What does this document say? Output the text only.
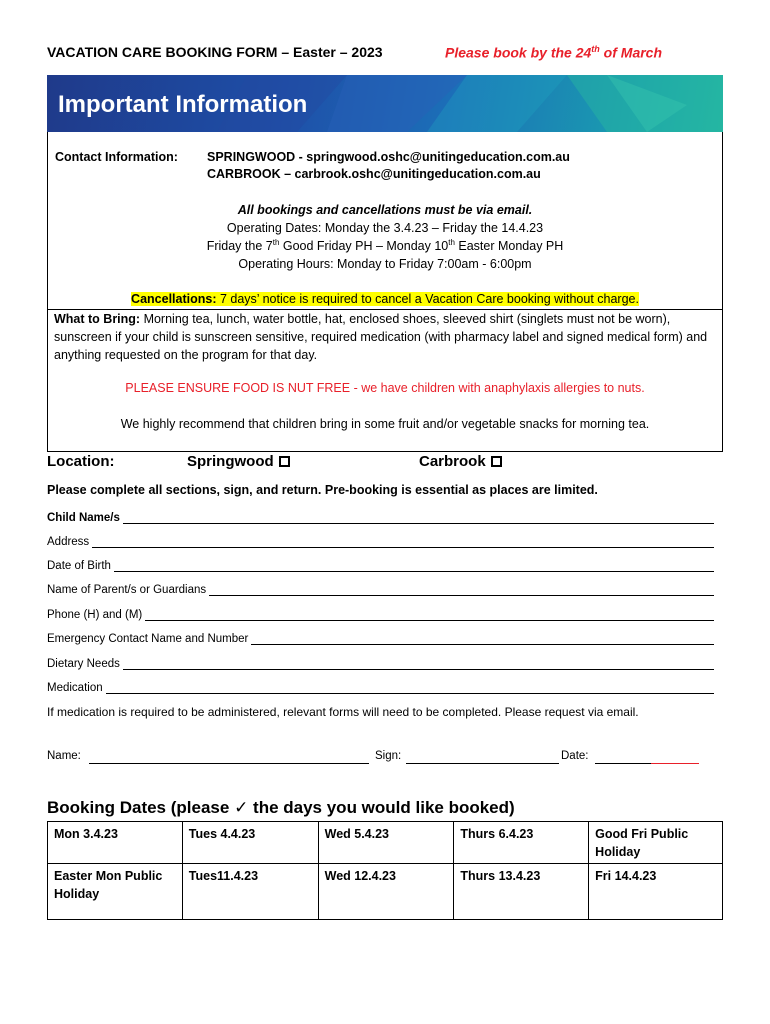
VACATION CARE BOOKING FORM – Easter – 2023	Please book by the 24th of March
Important Information
Contact Information: SPRINGWOOD - springwood.oshc@unitingeducation.com.au
CARBROOK – carbrook.oshc@unitingeducation.com.au
All bookings and cancellations must be via email.
Operating Dates: Monday the 3.4.23 – Friday the 14.4.23
Friday the 7th Good Friday PH – Monday 10th Easter Monday PH
Operating Hours: Monday to Friday 7:00am - 6:00pm
Cancellations: 7 days’ notice is required to cancel a Vacation Care booking without charge.
What to Bring: Morning tea, lunch, water bottle, hat, enclosed shoes, sleeved shirt (singlets must not be worn), sunscreen if your child is sunscreen sensitive, required medication (with pharmacy label and signed medical form) and anything requested on the program for that day.
PLEASE ENSURE FOOD IS NUT FREE - we have children with anaphylaxis allergies to nuts.
We highly recommend that children bring in some fruit and/or vegetable snacks for morning tea.
Location:	Springwood	Carbrook
Please complete all sections, sign, and return. Pre-booking is essential as places are limited.
Child Name/s
Address
Date of Birth
Name of Parent/s or Guardians
Phone (H) and (M)
Emergency Contact Name and Number
Dietary Needs
Medication
If medication is required to be administered, relevant forms will need to be completed. Please request via email.
Name:	Sign:	Date:
Booking Dates (please ✓ the days you would like booked)
Mon 3.4.23	Tues 4.4.23	Wed 5.4.23	Thurs 6.4.23	Good Fri Public Holiday
Easter Mon Public Holiday	Tues11.4.23	Wed 12.4.23	Thurs 13.4.23	Fri 14.4.23
